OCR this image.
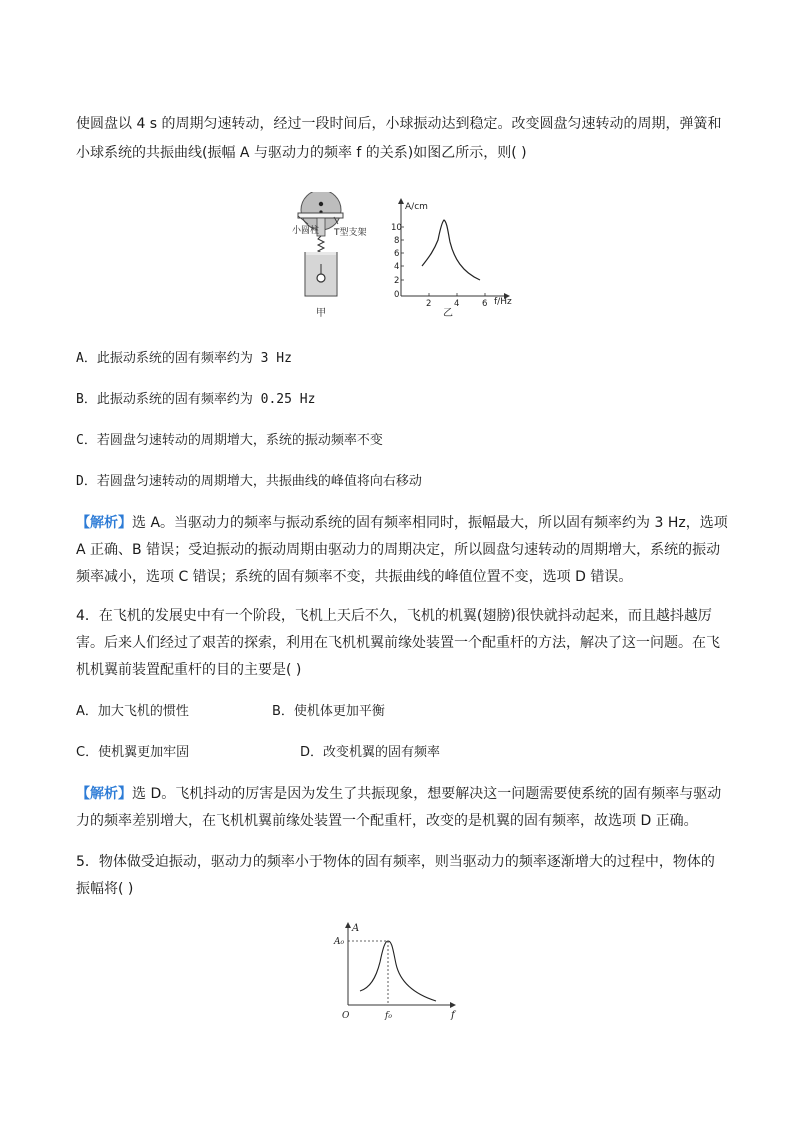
使圆盘以 4 s 的周期匀速转动，经过一段时间后，小球振动达到稳定。改变圆盘匀速转动的周期，弹簧和
小球系统的共振曲线(振幅 A 与驱动力的频率 f 的关系)如图乙所示，则( )
小圆柱 T型支架
甲
A/cm
f/Hz
10
8
6
4
2
0
2	4	6
乙
A．此振动系统的固有频率约为 3 Hz
B．此振动系统的固有频率约为 0.25 Hz
C．若圆盘匀速转动的周期增大，系统的振动频率不变
D．若圆盘匀速转动的周期增大，共振曲线的峰值将向右移动
【解析】选 A。当驱动力的频率与振动系统的固有频率相同时，振幅最大，所以固有频率约为 3 Hz，选项
A 正确、B 错误；受迫振动的振动周期由驱动力的周期决定，所以圆盘匀速转动的周期增大，系统的振动
频率减小，选项 C 错误；系统的固有频率不变，共振曲线的峰值位置不变，选项 D 错误。
4．在飞机的发展史中有一个阶段，飞机上天后不久，飞机的机翼(翅膀)很快就抖动起来，而且越抖越厉
害。后来人们经过了艰苦的探索，利用在飞机机翼前缘处装置一个配重杆的方法，解决了这一问题。在飞
机机翼前装置配重杆的目的主要是( )
A．加大飞机的惯性	B．使机体更加平衡
C．使机翼更加牢固	D．改变机翼的固有频率
【解析】选 D。飞机抖动的厉害是因为发生了共振现象，想要解决这一问题需要使系统的固有频率与驱动
力的频率差别增大，在飞机机翼前缘处装置一个配重杆，改变的是机翼的固有频率，故选项 D 正确。
5．物体做受迫振动，驱动力的频率小于物体的固有频率，则当驱动力的频率逐渐增大的过程中，物体的
振幅将( )
A
f
A₀
f₀
O
